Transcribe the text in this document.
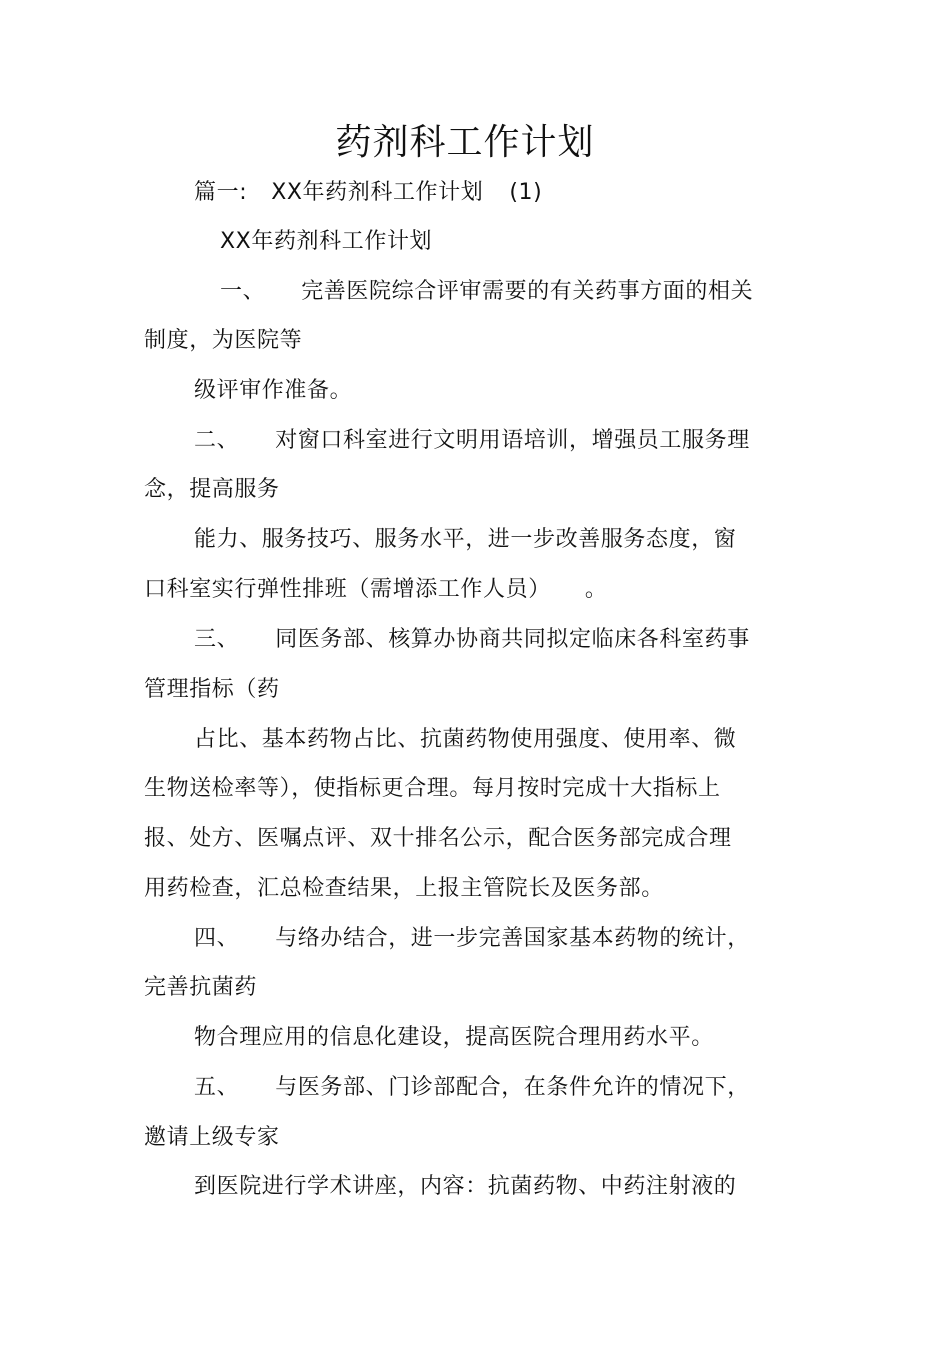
药剂科工作计划
篇一: XX年药剂科工作计划 (1)
XX年药剂科工作计划
一、 完善医院综合评审需要的有关药事方面的相关
制度，为医院等
级评审作准备。
二、 对窗口科室进行文明用语培训，增强员工服务理
念，提高服务
能力、服务技巧、服务水平，进一步改善服务态度，窗
口科室实行弹性排班（需增添工作人员） 。
三、 同医务部、核算办协商共同拟定临床各科室药事
管理指标（药
占比、基本药物占比、抗菌药物使用强度、使用率、微
生物送检率等），使指标更合理。每月按时完成十大指标上
报、处方、医嘱点评、双十排名公示，配合医务部完成合理
用药检查，汇总检查结果，上报主管院长及医务部。
四、 与络办结合，进一步完善国家基本药物的统计，
完善抗菌药
物合理应用的信息化建设，提高医院合理用药水平。
五、 与医务部、门诊部配合，在条件允许的情况下，
邀请上级专家
到医院进行学术讲座，内容：抗菌药物、中药注射液的
